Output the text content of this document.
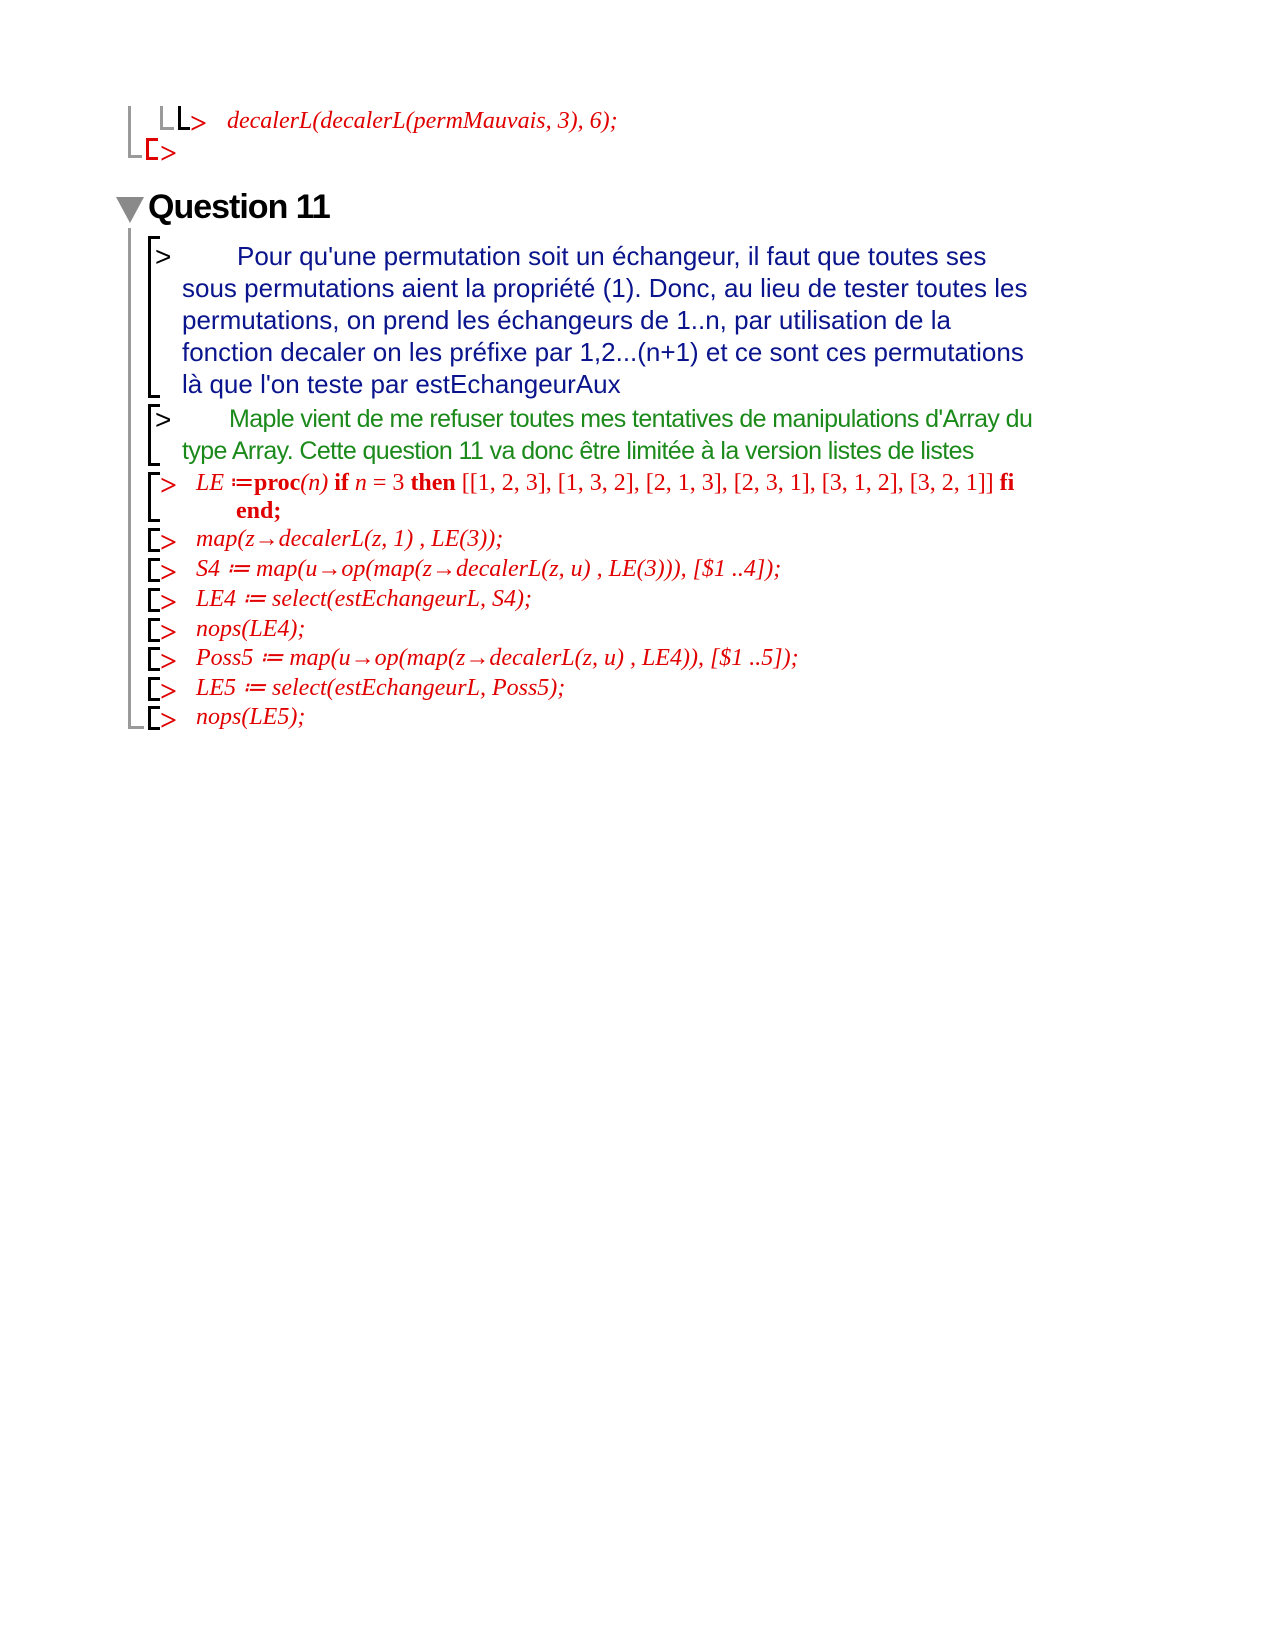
> decalerL(decalerL(permMauvais, 3), 6);
>
Question 11
>	Pour qu'une permutation soit un échangeur, il faut que toutes ses
sous permutations aient la propriété (1). Donc, au lieu de tester toutes les
permutations, on prend les échangeurs de 1..n, par utilisation de la
fonction decaler on les préfixe par 1,2...(n+1) et ce sont ces permutations
là que l'on teste par estEchangeurAux
> Maple vient de me refuser toutes mes tentatives de manipulations d'Array du
type Array. Cette question 11 va donc être limitée à la version listes de listes
> LE ≔proc(n) if n = 3 then [[1, 2, 3], [1, 3, 2], [2, 1, 3], [2, 3, 1], [3, 1, 2], [3, 2, 1]] fi
end;
> map(z→decalerL(z, 1) , LE(3));
> S4 ≔ map(u→op(map(z→decalerL(z, u) , LE(3))), [$1 ..4]);
> LE4 ≔ select(estEchangeurL, S4);
> nops(LE4);
> Poss5 ≔ map(u→op(map(z→decalerL(z, u) , LE4)), [$1 ..5]);
> LE5 ≔ select(estEchangeurL, Poss5);
> nops(LE5);
